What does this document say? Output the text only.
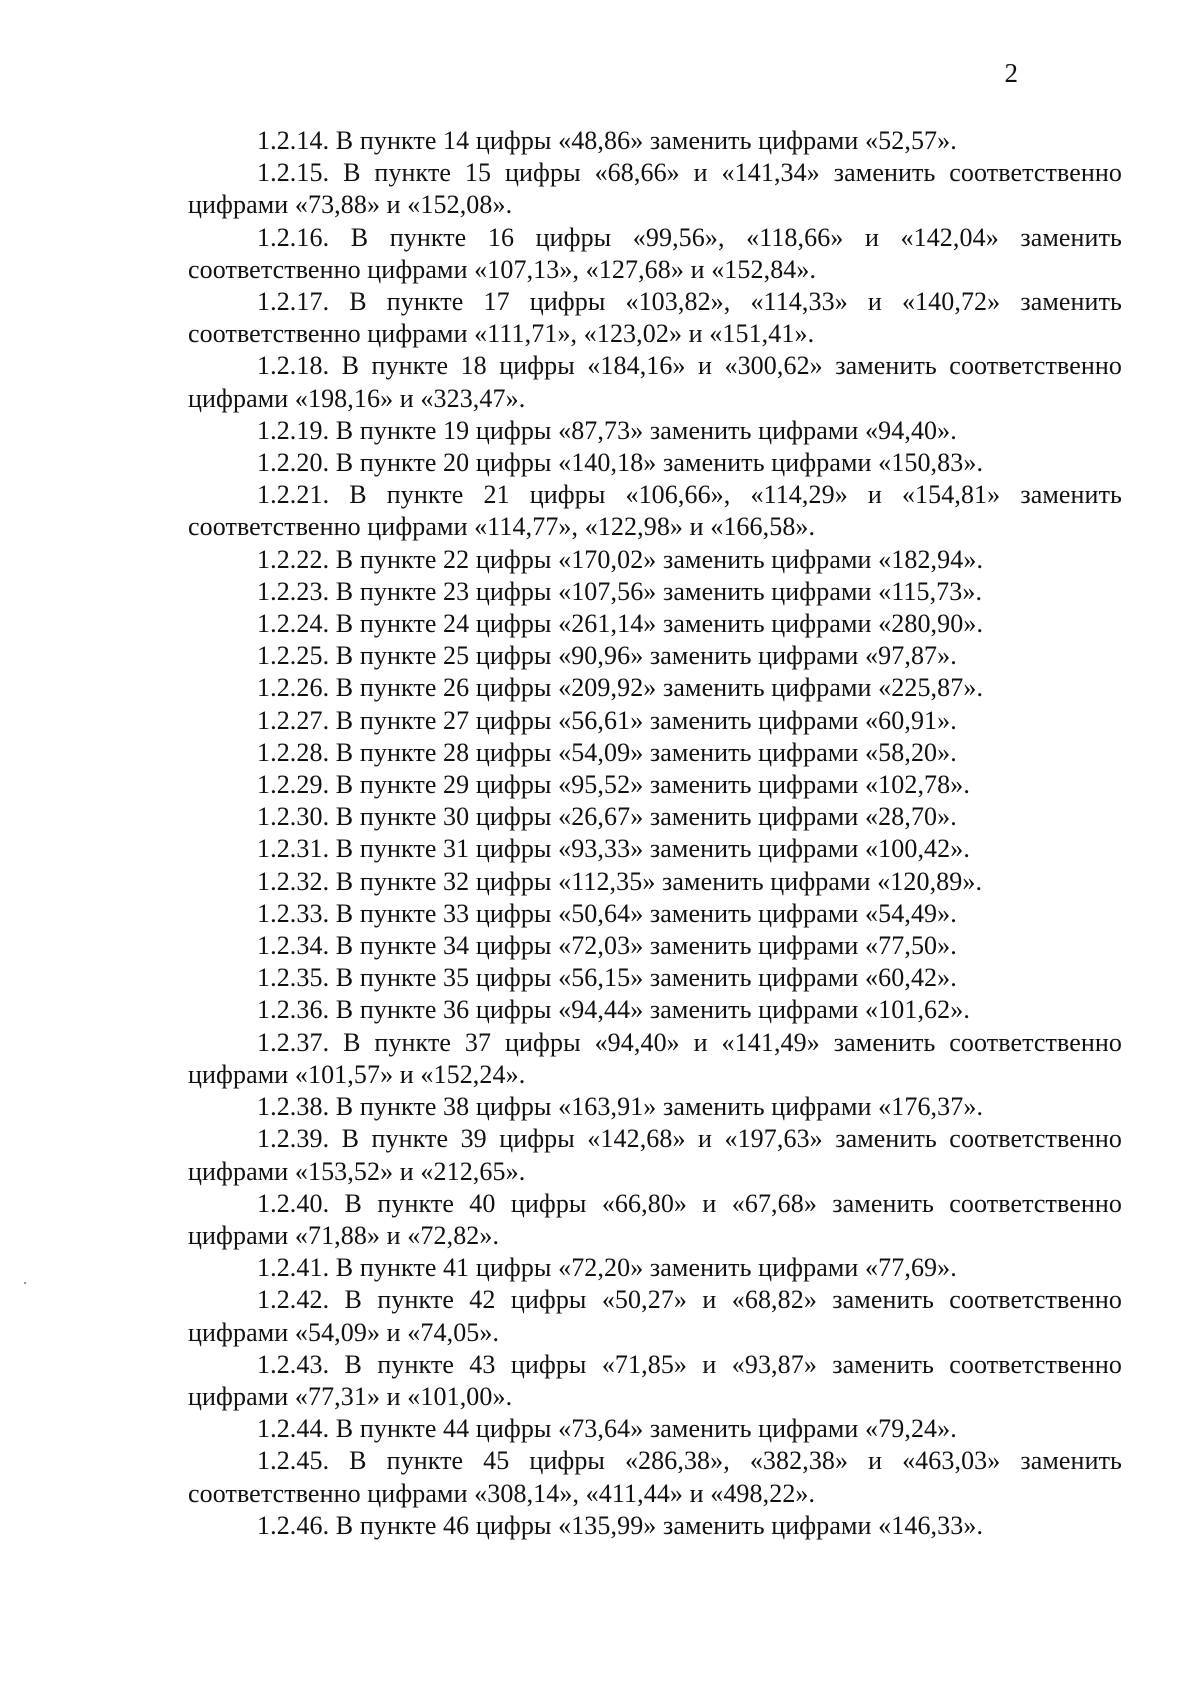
2

1.2.14. В пункте 14 цифры «48,86» заменить цифрами «52,57».

1.2.15. В пункте 15 цифры «68,66» и «141,34» заменить соответственно цифрами «73,88» и «152,08».

1.2.16. В пункте 16 цифры «99,56», «118,66» и «142,04» заменить соответственно цифрами «107,13», «127,68» и «152,84».

1.2.17. В пункте 17 цифры «103,82», «114,33» и «140,72» заменить соответственно цифрами «111,71», «123,02» и «151,41».

1.2.18. В пункте 18 цифры «184,16» и «300,62» заменить соответственно цифрами «198,16» и «323,47».

1.2.19. В пункте 19 цифры «87,73» заменить цифрами «94,40».

1.2.20. В пункте 20 цифры «140,18» заменить цифрами «150,83».

1.2.21. В пункте 21 цифры «106,66», «114,29» и «154,81» заменить соответственно цифрами «114,77», «122,98» и «166,58».

1.2.22. В пункте 22 цифры «170,02» заменить цифрами «182,94».

1.2.23. В пункте 23 цифры «107,56» заменить цифрами «115,73».

1.2.24. В пункте 24 цифры «261,14» заменить цифрами «280,90».

1.2.25. В пункте 25 цифры «90,96» заменить цифрами «97,87».

1.2.26. В пункте 26 цифры «209,92» заменить цифрами «225,87».

1.2.27. В пункте 27 цифры «56,61» заменить цифрами «60,91».

1.2.28. В пункте 28 цифры «54,09» заменить цифрами «58,20».

1.2.29. В пункте 29 цифры «95,52» заменить цифрами «102,78».

1.2.30. В пункте 30 цифры «26,67» заменить цифрами «28,70».

1.2.31. В пункте 31 цифры «93,33» заменить цифрами «100,42».

1.2.32. В пункте 32 цифры «112,35» заменить цифрами «120,89».

1.2.33. В пункте 33 цифры «50,64» заменить цифрами «54,49».

1.2.34. В пункте 34 цифры «72,03» заменить цифрами «77,50».

1.2.35. В пункте 35 цифры «56,15» заменить цифрами «60,42».

1.2.36. В пункте 36 цифры «94,44» заменить цифрами «101,62».

1.2.37. В пункте 37 цифры «94,40» и «141,49» заменить соответственно цифрами «101,57» и «152,24».

1.2.38. В пункте 38 цифры «163,91» заменить цифрами «176,37».

1.2.39. В пункте 39 цифры «142,68» и «197,63» заменить соответственно цифрами «153,52» и «212,65».

1.2.40. В пункте 40 цифры «66,80» и «67,68» заменить соответственно цифрами «71,88» и «72,82».

1.2.41. В пункте 41 цифры «72,20» заменить цифрами «77,69».

1.2.42. В пункте 42 цифры «50,27» и «68,82» заменить соответственно цифрами «54,09» и «74,05».

1.2.43. В пункте 43 цифры «71,85» и «93,87» заменить соответственно цифрами «77,31» и «101,00».

1.2.44. В пункте 44 цифры «73,64» заменить цифрами «79,24».

1.2.45. В пункте 45 цифры «286,38», «382,38» и «463,03» заменить соответственно цифрами «308,14», «411,44» и «498,22».

1.2.46. В пункте 46 цифры «135,99» заменить цифрами «146,33».
